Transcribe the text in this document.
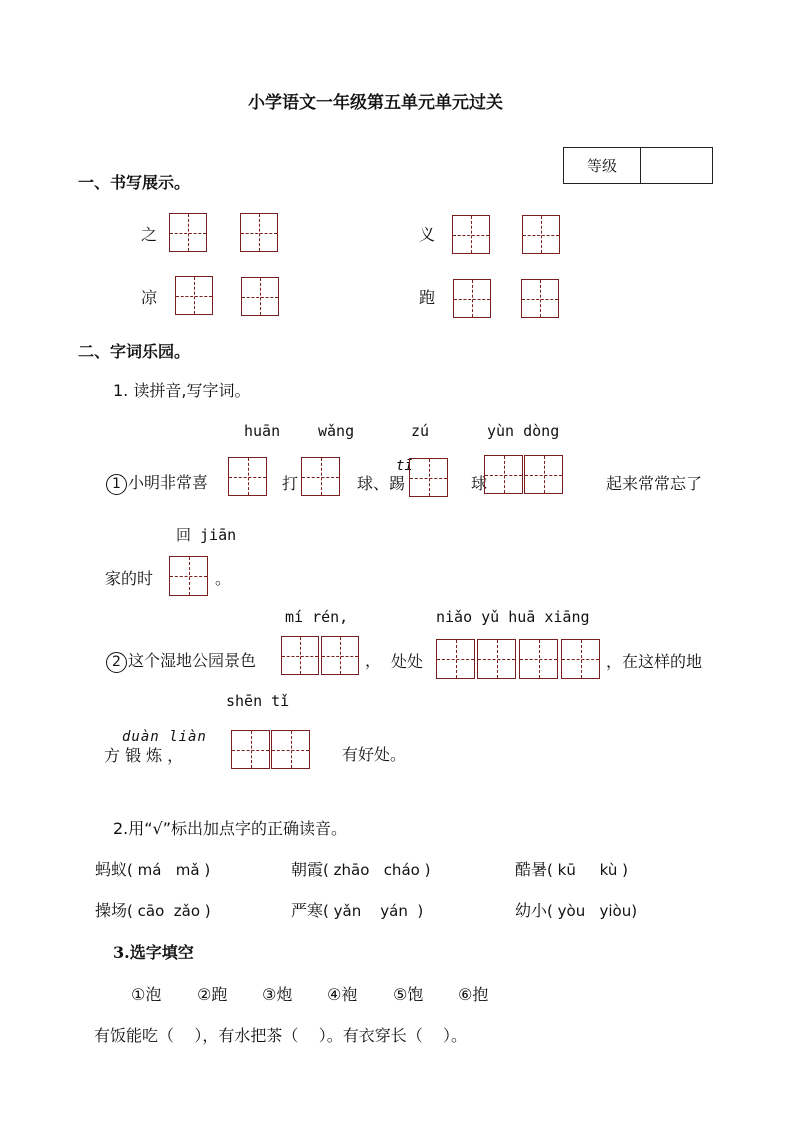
小学语文一年级第五单元单元过关
等级
一、书写展示。
之	义
凉	跑
二、字词乐园。
1. 读拼音,写字词。
huān	wǎng	zú	yùn dòng
tī
1 小明非常喜	打	球、踢	球	起来常常忘了
回 jiān
家的时	。
mí rén,	niǎo yǔ huā xiāng
2 这个湿地公园景色	， 处处	，在这样的地
shēn tǐ
duàn liàn
方 锻 炼 ，	有好处。
2.用“√”标出加点字的正确读音。
蚂蚁( má   mǎ )	朝霞( zhāo   cháo )	酷暑( kū     kù )
操场( cāo  zǎo )	严寒( yǎn    yán  )	幼小( yòu   yiòu)
3.选字填空
①泡 ②跑 ③炮 ④袍 ⑤饱 ⑥抱
有饭能吃（    ），有水把茶（    ）。有衣穿长（    ）。
